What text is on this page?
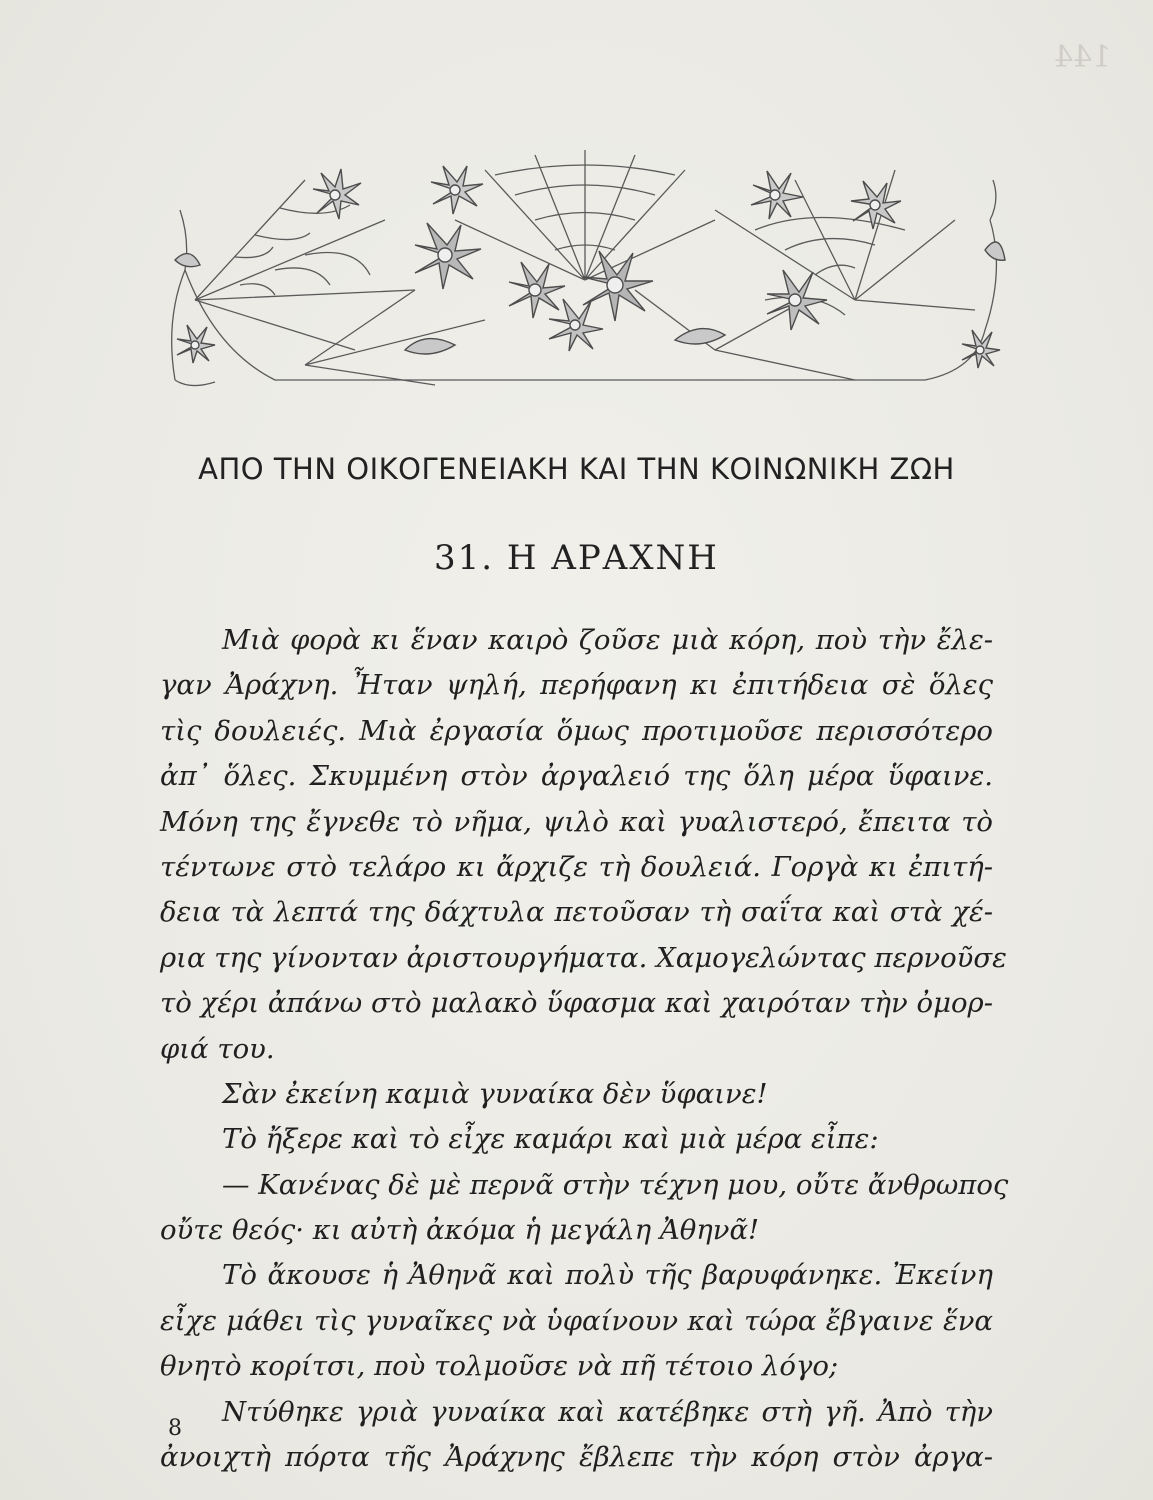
144
ΑΠΟ ΤΗΝ ΟΙΚΟΓΕΝΕΙΑΚΗ ΚΑΙ ΤΗΝ ΚΟΙΝΩΝΙΚΗ ΖΩΗ
31. Η ΑΡΑΧΝΗ
Μιὰ φορὰ κι ἕναν καιρὸ ζοῦσε μιὰ κόρη, ποὺ τὴν ἔλε-
γαν Ἀράχνη. Ἦταν ψηλή, περήφανη κι ἐπιτήδεια σὲ ὅλες
τὶς δουλειές. Μιὰ ἐργασία ὅμως προτιμοῦσε περισσότερο
ἀπ᾿ ὅλες. Σκυμμένη στὸν ἀργαλειό της ὅλη μέρα ὕφαινε.
Μόνη της ἔγνεθε τὸ νῆμα, ψιλὸ καὶ γυαλιστερό, ἔπειτα τὸ
τέντωνε στὸ τελάρο κι ἄρχιζε τὴ δουλειά. Γοργὰ κι ἐπιτή-
δεια τὰ λεπτά της δάχτυλα πετοῦσαν τὴ σαΐτα καὶ στὰ χέ-
ρια της γίνονταν ἀριστουργήματα. Χαμογελώντας περνοῦσε
τὸ χέρι ἀπάνω στὸ μαλακὸ ὕφασμα καὶ χαιρόταν τὴν ὀμορ-
φιά του.
Σὰν ἐκείνη καμιὰ γυναίκα δὲν ὕφαινε!
Τὸ ἤξερε καὶ τὸ εἶχε καμάρι καὶ μιὰ μέρα εἶπε:
— Κανένας δὲ μὲ περνᾶ στὴν τέχνη μου, οὔτε ἄνθρωπος
οὔτε θεός· κι αὐτὴ ἀκόμα ἡ μεγάλη Ἀθηνᾶ!
Τὸ ἄκουσε ἡ Ἀθηνᾶ καὶ πολὺ τῆς βαρυφάνηκε. Ἐκείνη
εἶχε μάθει τὶς γυναῖκες νὰ ὑφαίνουν καὶ τώρα ἔβγαινε ἕνα
θνητὸ κορίτσι, ποὺ τολμοῦσε νὰ πῆ τέτοιο λόγο;
Ντύθηκε γριὰ γυναίκα καὶ κατέβηκε στὴ γῆ. Ἀπὸ τὴν
ἀνοιχτὴ πόρτα τῆς Ἀράχνης ἔβλεπε τὴν κόρη στὸν ἀργα-
8
